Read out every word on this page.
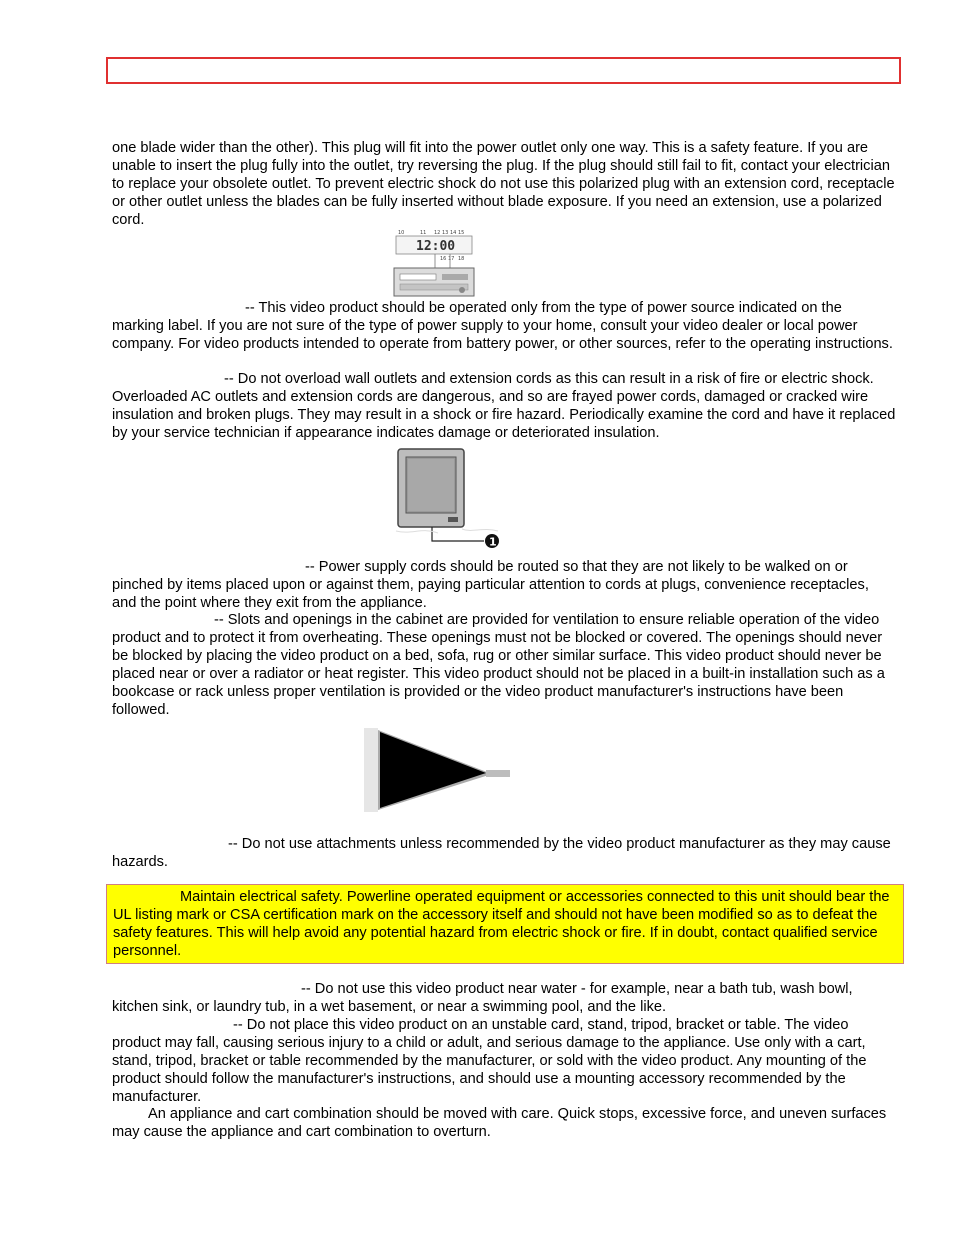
one blade wider than the other). This plug will fit into the power outlet only one way. This is a safety feature. If you are unable to insert the plug fully into the outlet, try reversing the plug. If the plug should still fail to fit, contact your electrician to replace your obsolete outlet. To prevent electric shock do not use this polarized plug with an extension cord, receptacle or other outlet unless the blades can be fully inserted without blade exposure. If you need an extension, use a polarized cord.

10	11 12 13 14 15
16 17 18
12:00

-- This video product should be operated only from the type of power source indicated on the marking label. If you are not sure of the type of power supply to your home, consult your video dealer or local power company. For video products intended to operate from battery power, or other sources, refer to the operating instructions.

-- Do not overload wall outlets and extension cords as this can result in a risk of fire or electric shock. Overloaded AC outlets and extension cords are dangerous, and so are frayed power cords, damaged or cracked wire insulation and broken plugs. They may result in a shock or fire hazard. Periodically examine the cord and have it replaced by your service technician if appearance indicates damage or deteriorated insulation.

1

-- Power supply cords should be routed so that they are not likely to be walked on or pinched by items placed upon or against them, paying particular attention to cords at plugs, convenience receptacles, and the point where they exit from the appliance.

-- Slots and openings in the cabinet are provided for ventilation to ensure reliable operation of the video product and to protect it from overheating. These openings must not be blocked or covered. The openings should never be blocked by placing the video product on a bed, sofa, rug or other similar surface. This video product should never be placed near or over a radiator or heat register. This video product should not be placed in a built-in installation such as a bookcase or rack unless proper ventilation is provided or the video product manufacturer's instructions have been followed.

-- Do not use attachments unless recommended by the video product manufacturer as they may cause hazards.

Maintain electrical safety. Powerline operated equipment or accessories connected to this unit should bear the UL listing mark or CSA certification mark on the accessory itself and should not have been modified so as to defeat the safety features. This will help avoid any potential hazard from electric shock or fire. If in doubt, contact qualified service personnel.

-- Do not use this video product near water - for example, near a bath tub, wash bowl, kitchen sink, or laundry tub, in a wet basement, or near a swimming pool, and the like.

-- Do not place this video product on an unstable card, stand, tripod, bracket or table. The video product may fall, causing serious injury to a child or adult, and serious damage to the appliance. Use only with a cart, stand, tripod, bracket or table recommended by the manufacturer, or sold with the video product. Any mounting of the product should follow the manufacturer's instructions, and should use a mounting accessory recommended by the manufacturer.

An appliance and cart combination should be moved with care. Quick stops, excessive force, and uneven surfaces may cause the appliance and cart combination to overturn.
